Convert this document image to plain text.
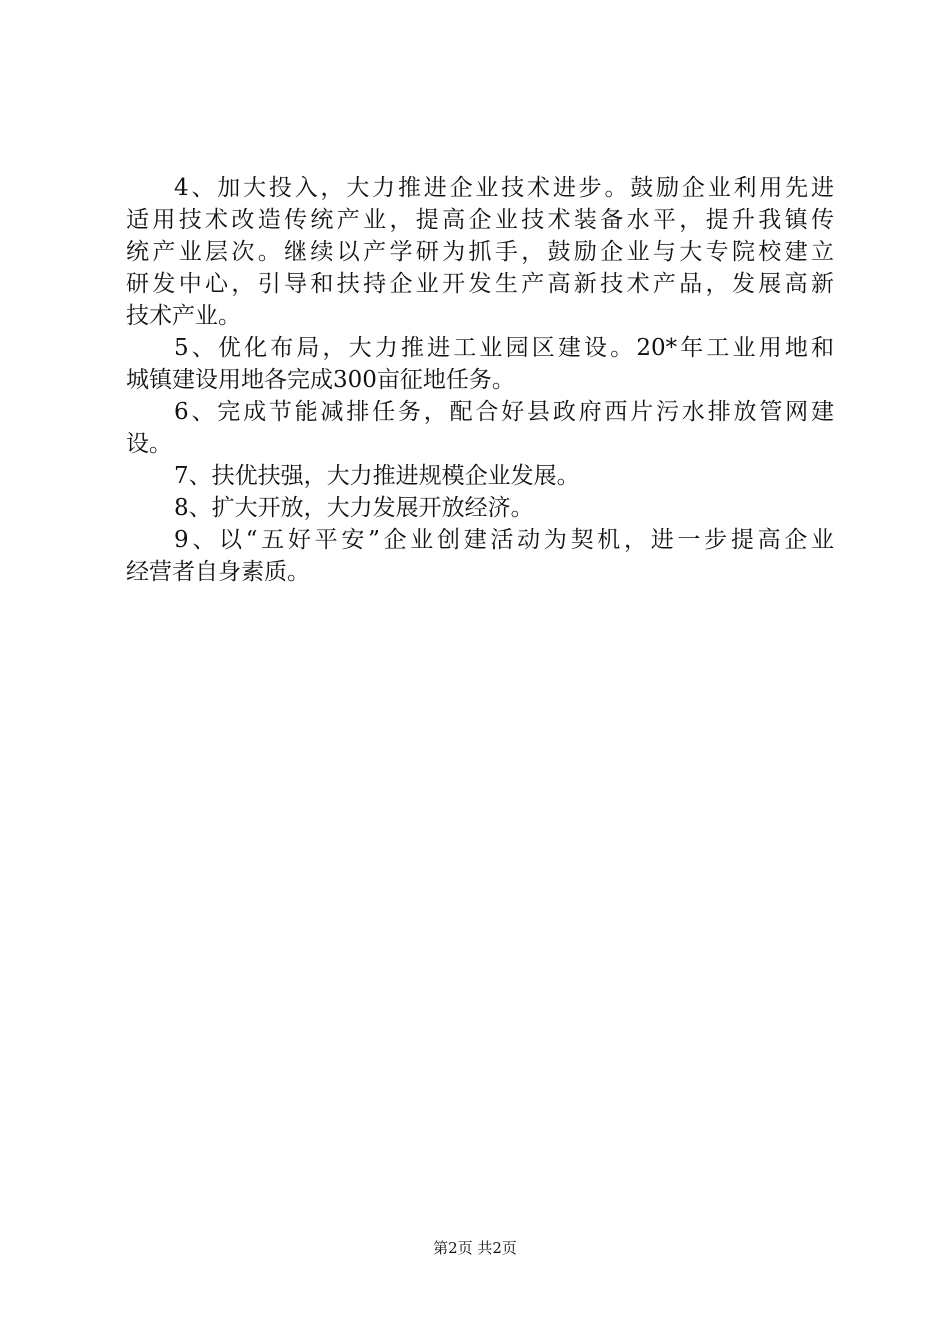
4、加大投入，大力推进企业技术进步。鼓励企业利用先进
适用技术改造传统产业，提高企业技术装备水平，提升我镇传
统产业层次。继续以产学研为抓手，鼓励企业与大专院校建立
研发中心，引导和扶持企业开发生产高新技术产品，发展高新
技术产业。
5、优化布局，大力推进工业园区建设。20*年工业用地和
城镇建设用地各完成300亩征地任务。
6、完成节能减排任务，配合好县政府西片污水排放管网建
设。
7、扶优扶强，大力推进规模企业发展。
8、扩大开放，大力发展开放经济。
9、以“五好平安”企业创建活动为契机，进一步提高企业
经营者自身素质。
第2页 共2页
